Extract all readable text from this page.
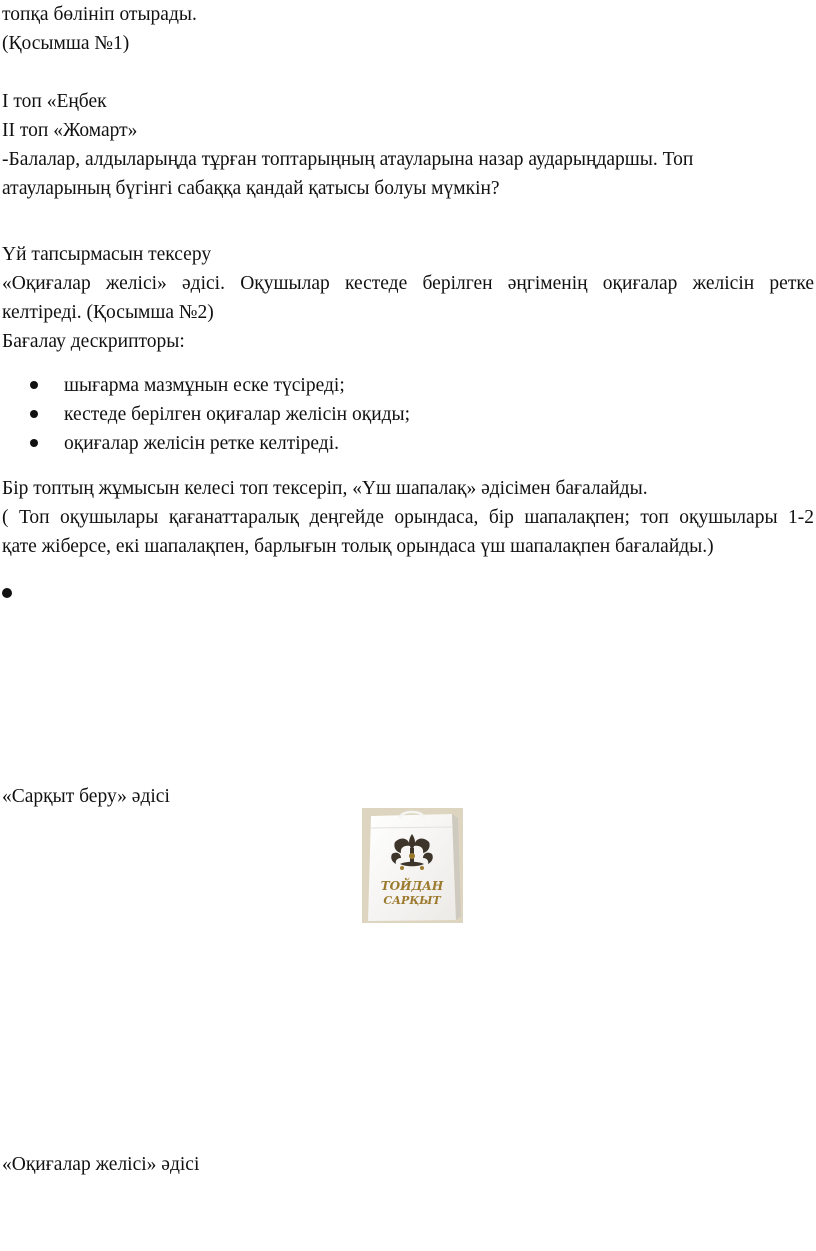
топқа бөлініп отырады.
(Қосымша №1)
I топ «Еңбек
II топ «Жомарт»
-Балалар, алдыларыңда тұрған топтарыңның атауларына назар аударыңдаршы. Топ
атауларының бүгінгі сабаққа қандай қатысы болуы мүмкін?
Үй тапсырмасын тексеру
«Оқиғалар желісі» әдісі. Оқушылар кестеде берілген әңгіменің оқиғалар желісін ретке
келтіреді. (Қосымша №2)
Бағалау дескрипторы:
шығарма мазмұнын еске түсіреді;
кестеде берілген оқиғалар желісін оқиды;
оқиғалар желісін ретке келтіреді.
Бір топтың жұмысын келесі топ тексеріп, «Үш шапалақ» әдісімен бағалайды.
( Топ оқушылары қағанаттаралық деңгейде орындаса, бір шапалақпен; топ оқушылары 1-2
қате жіберсе, екі шапалақпен, барлығын толық орындаса үш шапалақпен бағалайды.)
«Сарқыт беру» әдісі
ТОЙДАН
САРҚЫТ
«Оқиғалар желісі» әдісі
